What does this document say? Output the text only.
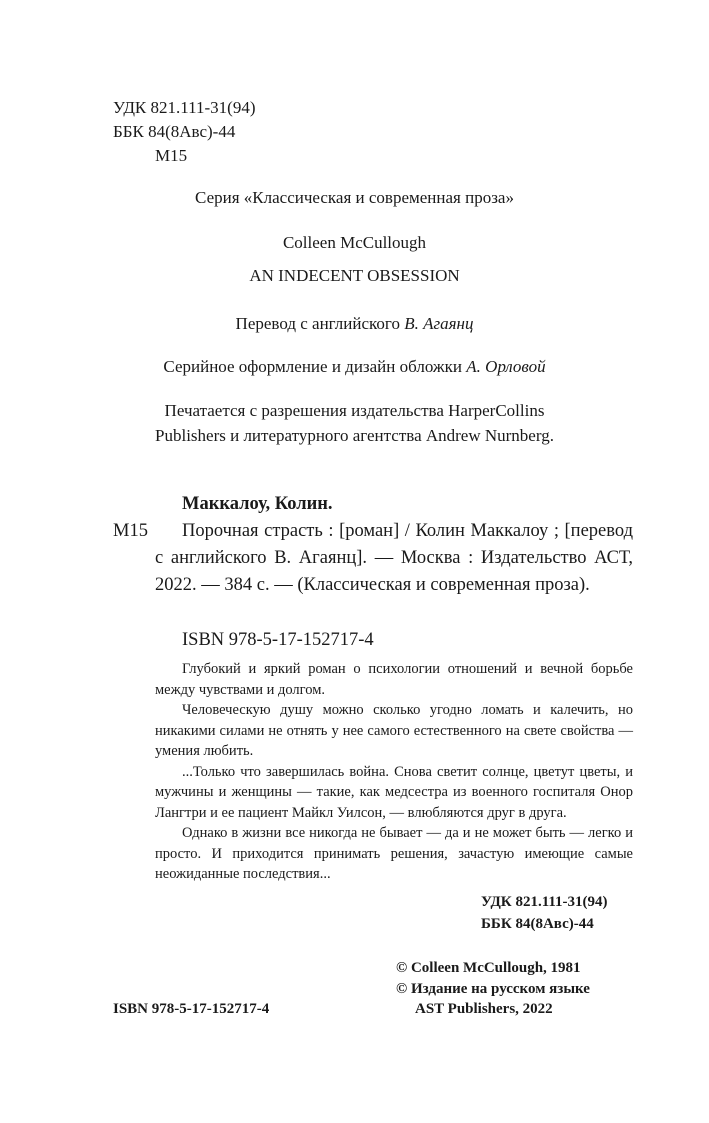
УДК 821.111-31(94)
ББК 84(8Авс)-44
М15
Серия «Классическая и современная проза»
Colleen McCullough
AN INDECENT OBSESSION
Перевод с английского В. Агаянц
Серийное оформление и дизайн обложки А. Орловой
Печатается с разрешения издательства HarperCollins
Publishers и литературного агентства Andrew Nurnberg.
Маккалоу, Колин.
М15	Порочная страсть : [роман] / Колин Маккалоу ; [перевод с английского В. Агаянц]. — Москва : Издательство АСТ, 2022. — 384 с. — (Классическая и современная проза).

ISBN 978-5-17-152717-4

Глубокий и яркий роман о психологии отношений и вечной борьбе между чувствами и долгом.

Человеческую душу можно сколько угодно ломать и калечить, но никакими силами не отнять у нее самого естественного на свете свойства — умения любить.

...Только что завершилась война. Снова светит солнце, цветут цветы, и мужчины и женщины — такие, как медсестра из военного госпиталя Онор Лангтри и ее пациент Майкл Уилсон, — влюбляются друг в друга.

Однако в жизни все никогда не бывает — да и не может быть — легко и просто. И приходится принимать решения, зачастую имеющие самые неожиданные последствия...

УДК 821.111-31(94)
ББК 84(8Авс)-44
© Colleen McCullough, 1981
© Издание на русском языке
AST Publishers, 2022
ISBN 978-5-17-152717-4
